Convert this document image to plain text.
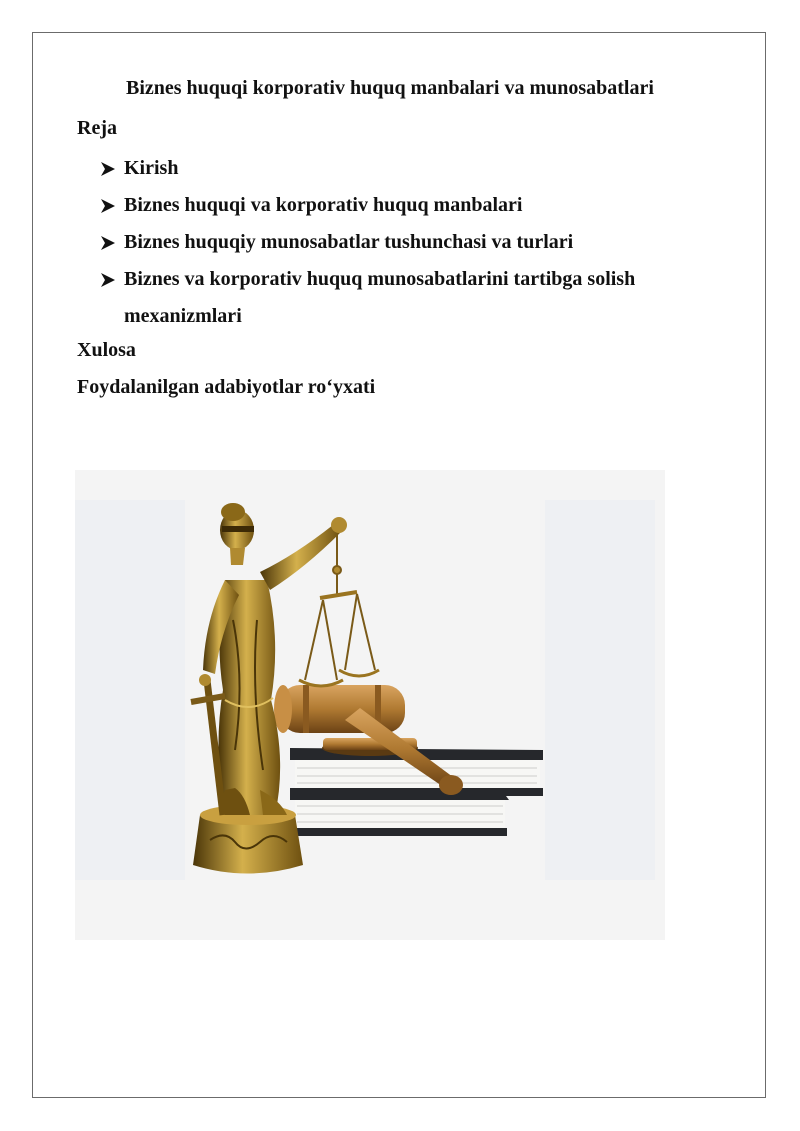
Biznes huquqi korporativ huquq manbalari va munosabatlari
Reja
Kirish
Biznes huquqi va korporativ huquq manbalari
Biznes huquqiy munosabatlar tushunchasi va turlari
Biznes va korporativ huquq munosabatlarini tartibga solish mexanizmlari
Xulosa
Foydalanilgan adabiyotlar ro‘yxati
